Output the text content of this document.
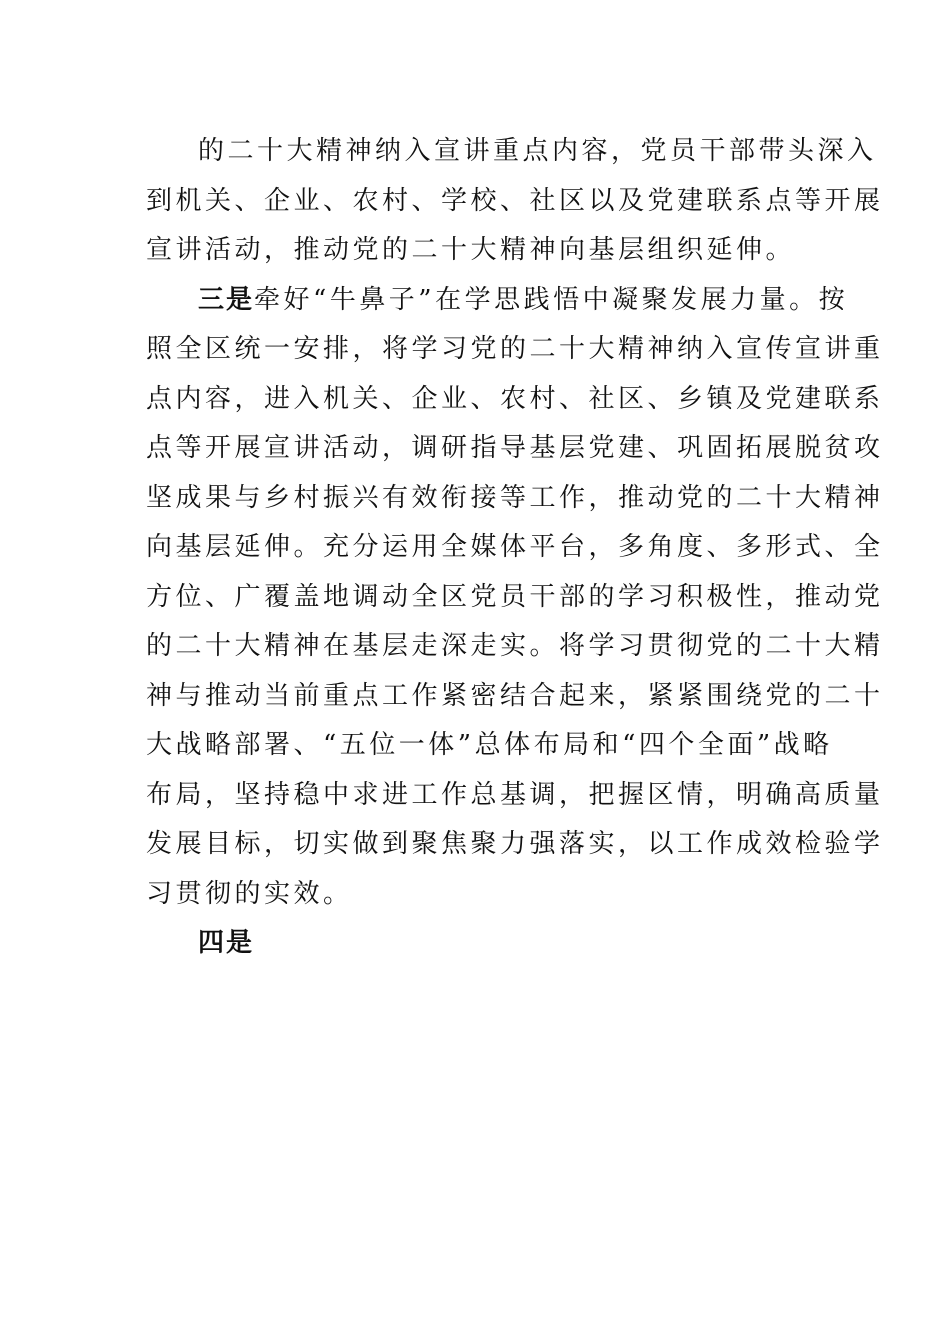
的二十大精神纳入宣讲重点内容，党员干部带头深入
到机关、企业、农村、学校、社区以及党建联系点等开展
宣讲活动，推动党的二十大精神向基层组织延伸。
三是牵好“牛鼻子”在学思践悟中凝聚发展力量。按
照全区统一安排，将学习党的二十大精神纳入宣传宣讲重
点内容，进入机关、企业、农村、社区、乡镇及党建联系
点等开展宣讲活动，调研指导基层党建、巩固拓展脱贫攻
坚成果与乡村振兴有效衔接等工作，推动党的二十大精神
向基层延伸。充分运用全媒体平台，多角度、多形式、全
方位、广覆盖地调动全区党员干部的学习积极性，推动党
的二十大精神在基层走深走实。将学习贯彻党的二十大精
神与推动当前重点工作紧密结合起来，紧紧围绕党的二十
大战略部署、“五位一体”总体布局和“四个全面”战略
布局，坚持稳中求进工作总基调，把握区情，明确高质量
发展目标，切实做到聚焦聚力强落实，以工作成效检验学
习贯彻的实效。
四是
